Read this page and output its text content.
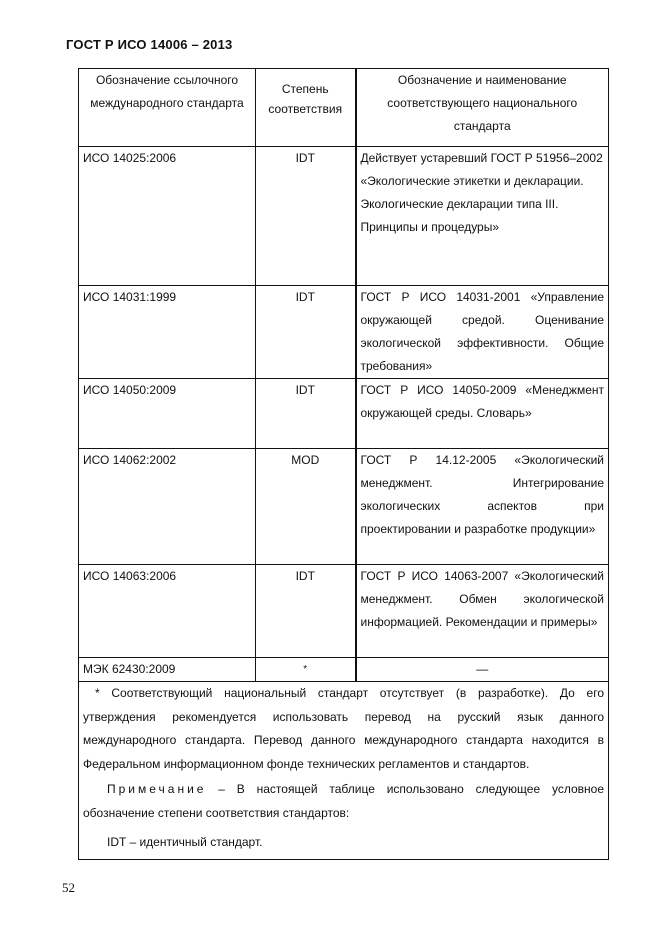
ГОСТ Р ИСО 14006 – 2013
Обозначение ссылочного международного стандарта	Степень соответствия	Обозначение и наименование соответствующего национального стандарта
ИСО 14025:2006	IDT	Действует устаревший ГОСТ Р 51956–2002 «Экологические этикетки и декларации. Экологические декларации типа III. Принципы и процедуры»
ИСО 14031:1999	IDT	ГОСТ Р ИСО 14031-2001 «Управление окружающей средой. Оценивание экологической эффективности. Общие требования»
ИСО 14050:2009	IDT	ГОСТ Р ИСО 14050-2009 «Менеджмент окружающей среды. Словарь»
ИСО 14062:2002	MOD	ГОСТ Р 14.12-2005 «Экологический менеджмент. Интегрирование экологических аспектов при проектировании и разработке продукции»
ИСО 14063:2006	IDT	ГОСТ Р ИСО 14063-2007 «Экологический менеджмент. Обмен экологической информацией. Рекомендации и примеры»
МЭК 62430:2009	*	—

* Соответствующий национальный стандарт отсутствует (в разработке). До его утверждения рекомендуется использовать перевод на русский язык данного международного стандарта. Перевод данного международного стандарта находится в Федеральном информационном фонде технических регламентов и стандартов.

Примечание – В настоящей таблице использовано следующее условное обозначение степени соответствия стандартов:

IDT – идентичный стандарт.		

52
